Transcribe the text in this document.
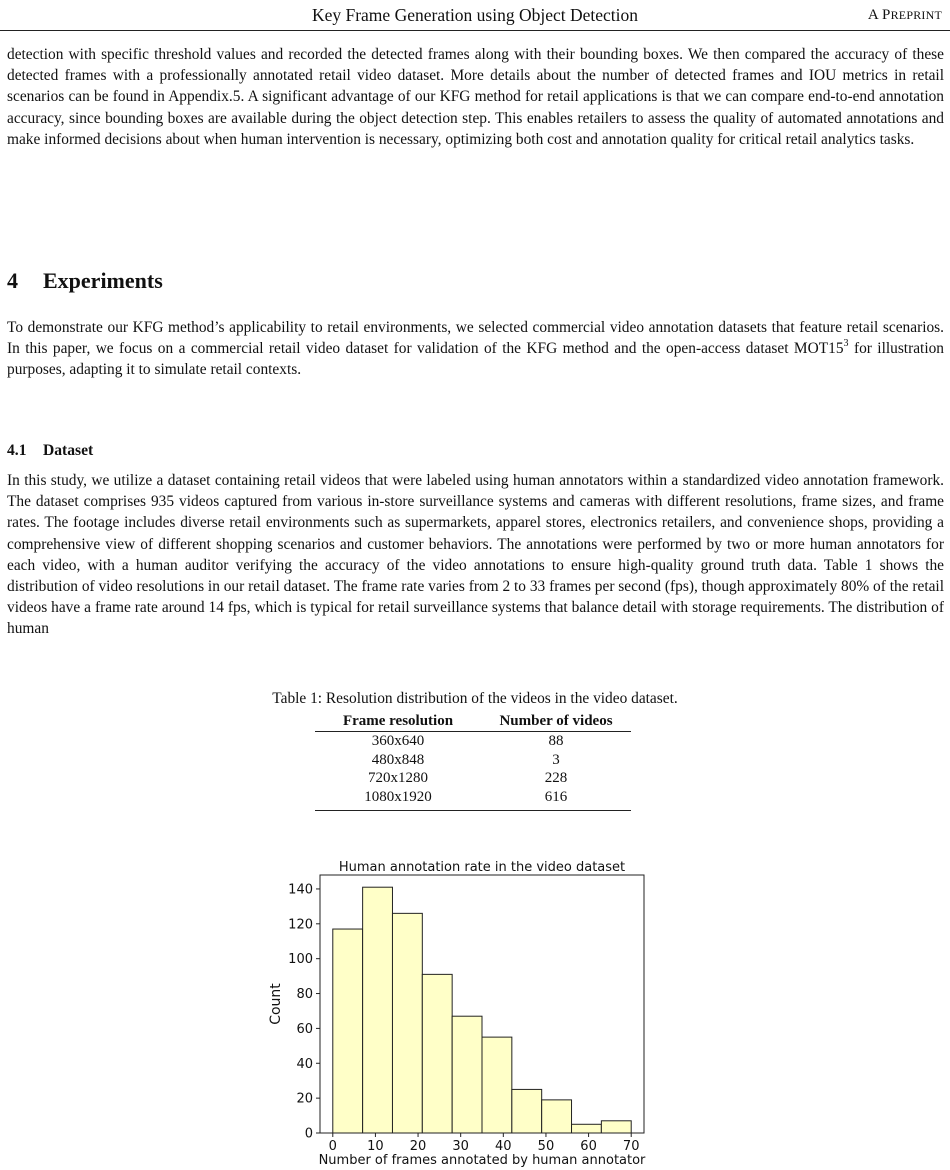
Key Frame Generation using Object Detection	A PREPRINT

detection with specific threshold values and recorded the detected frames along with their bounding boxes. We then compared the accuracy of these detected frames with a professionally annotated retail video dataset. More details about the number of detected frames and IOU metrics in retail scenarios can be found in Appendix.5. A significant advantage of our KFG method for retail applications is that we can compare end-to-end annotation accuracy, since bounding boxes are available during the object detection step. This enables retailers to assess the quality of automated annotations and make informed decisions about when human intervention is necessary, optimizing both cost and annotation quality for critical retail analytics tasks.

4 Experiments

To demonstrate our KFG method’s applicability to retail environments, we selected commercial video annotation datasets that feature retail scenarios. In this paper, we focus on a commercial retail video dataset for validation of the KFG method and the open-access dataset $MOT15^3$ for illustration purposes, adapting it to simulate retail contexts.

4.1 Dataset

In this study, we utilize a dataset containing retail videos that were labeled using human annotators within a standardized video annotation framework. The dataset comprises 935 videos captured from various in-store surveillance systems and cameras with different resolutions, frame sizes, and frame rates. The footage includes diverse retail environments such as supermarkets, apparel stores, electronics retailers, and convenience shops, providing a comprehensive view of different shopping scenarios and customer behaviors. The annotations were performed by two or more human annotators for each video, with a human auditor verifying the accuracy of the video annotations to ensure high-quality ground truth data. Table 1 shows the distribution of video resolutions in our retail dataset. The frame rate varies from 2 to 33 frames per second (fps), though approximately 80% of the retail videos have a frame rate around 14 fps, which is typical for retail surveillance systems that balance detail with storage requirements. The distribution of human

Table 1: Resolution distribution of the videos in the video dataset.
Frame resolution	Number of videos
360x640	88
480x848	3
720x1280	228
1080x1920	616
0
20
40
60
80
100
120
140
0 10 20 30 40 50 60 70
Human annotation rate in the video dataset
Number of frames annotated by human annotator
Count
